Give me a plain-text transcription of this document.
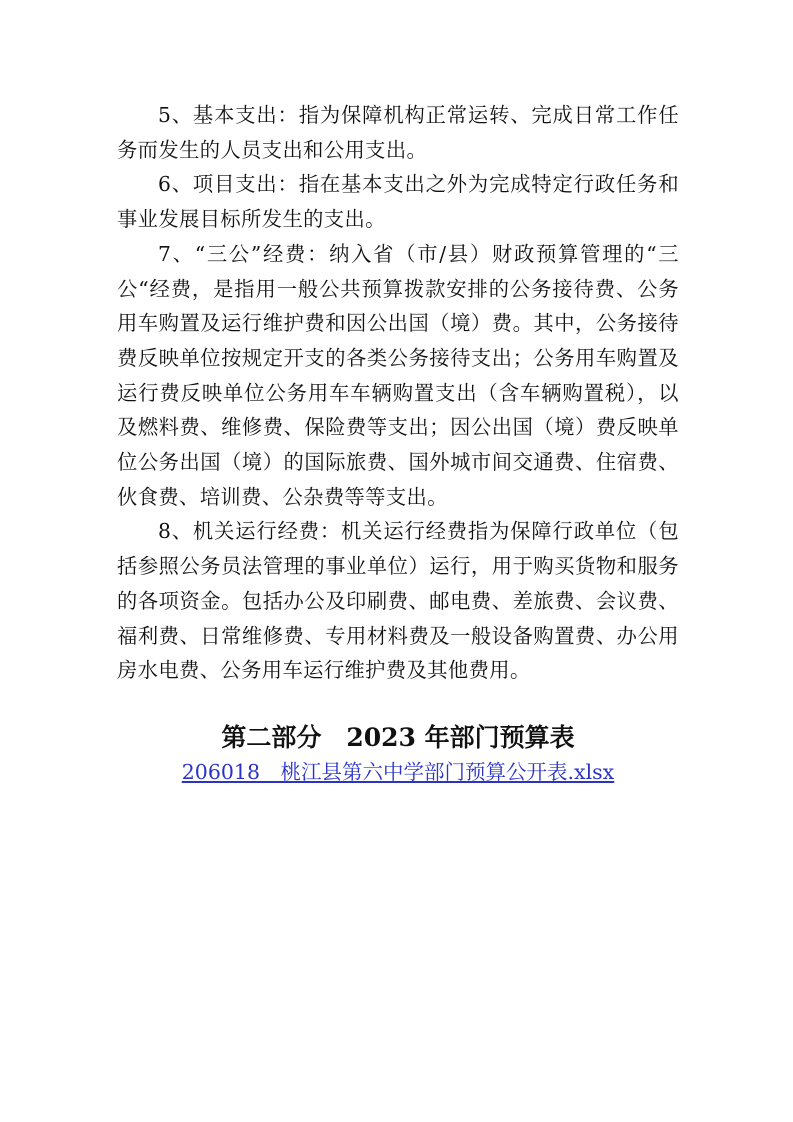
5、基本支出：指为保障机构正常运转、完成日常工作任务而发生的人员支出和公用支出。

6、项目支出：指在基本支出之外为完成特定行政任务和事业发展目标所发生的支出。

7、“三公”经费：纳入省（市/县）财政预算管理的“三公“经费，是指用一般公共预算拨款安排的公务接待费、公务用车购置及运行维护费和因公出国（境）费。其中，公务接待费反映单位按规定开支的各类公务接待支出；公务用车购置及运行费反映单位公务用车车辆购置支出（含车辆购置税），以及燃料费、维修费、保险费等支出；因公出国（境）费反映单位公务出国（境）的国际旅费、国外城市间交通费、住宿费、伙食费、培训费、公杂费等等支出。

8、机关运行经费：机关运行经费指为保障行政单位（包括参照公务员法管理的事业单位）运行，用于购买货物和服务的各项资金。包括办公及印刷费、邮电费、差旅费、会议费、福利费、日常维修费、专用材料费及一般设备购置费、办公用房水电费、公务用车运行维护费及其他费用。

第二部分　2023 年部门预算表
206018　桃江县第六中学部门预算公开表.xlsx
